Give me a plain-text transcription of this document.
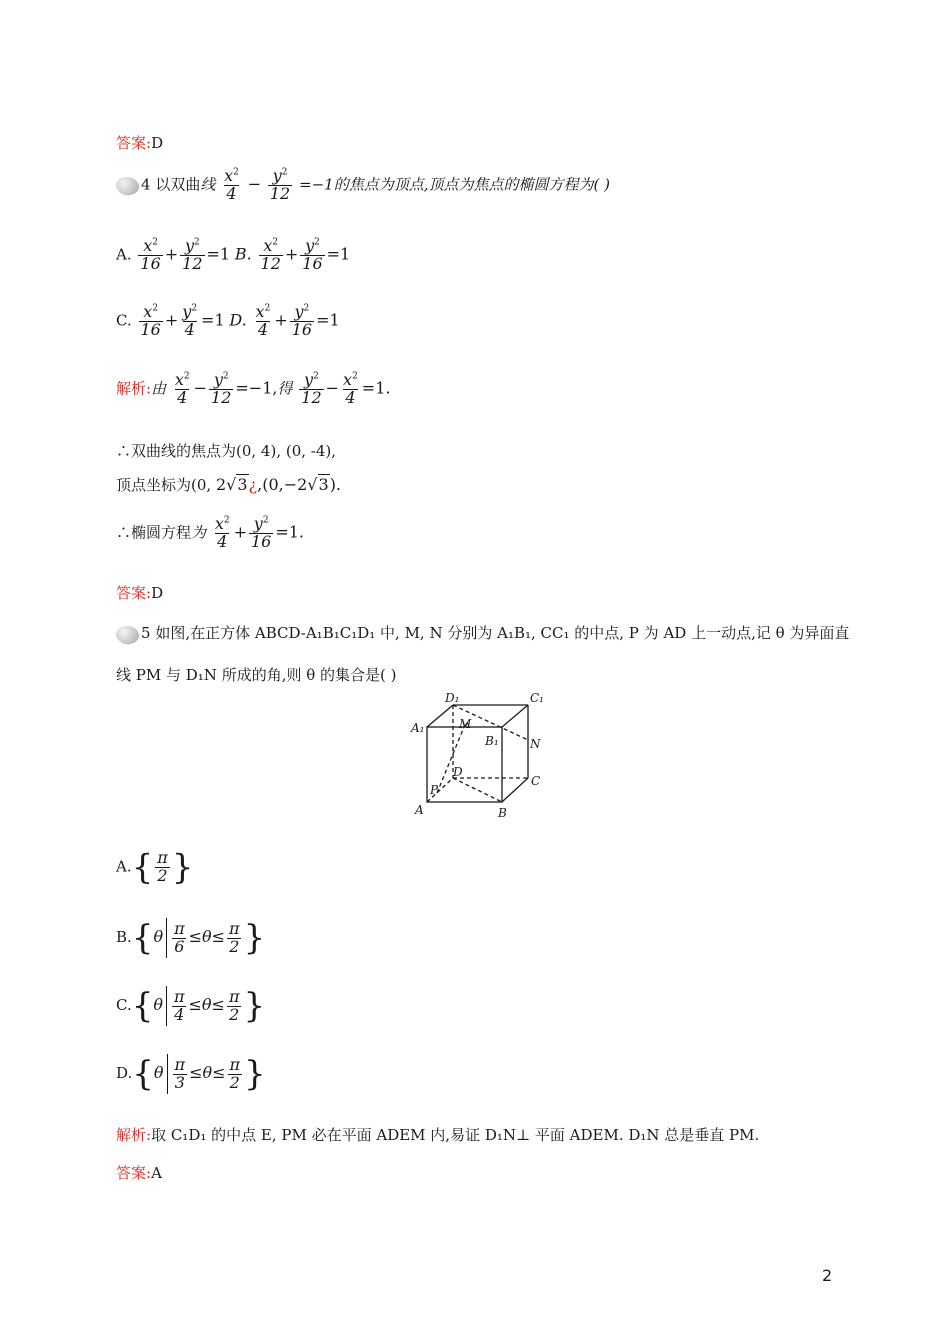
答案:D
4 以双曲线 $\frac{x^2}{4} - \frac{y^2}{12} =-1$的焦点为顶点,顶点为焦点的椭圆方程为( )
A. $\frac{x^2}{16} + \frac{y^2}{12} =1$ B. $\frac{x^2}{12} + \frac{y^2}{16} =1$
C. $\frac{x^2}{16} + \frac{y^2}{4} =1$ D. $\frac{x^2}{4} + \frac{y^2}{16} =1$
解析:由 $\frac{x^2}{4} - \frac{y^2}{12} =-1$,得 $\frac{y^2}{12} - \frac{x^2}{4} =1$.
∴双曲线的焦点为(0, 4), (0, -4),
顶点坐标为(0, 2√3¿,(0,−2√3).
∴椭圆方程为 $\frac{x^2}{4} + \frac{y^2}{16} =1$.
答案:D
5 如图,在正方体 ABCD-A₁B₁C₁D₁ 中, M, N 分别为 A₁B₁, CC₁ 的中点, P 为 AD 上一动点,记 θ 为异面直
线 PM 与 D₁N 所成的角,则 θ 的集合是( )
D₁	C₁
A₁
B₁
M
N
D
C
P
A	B
$A.\{ \frac{\pi}{2}$ }
$B.\{\theta \frac{\pi}{6} \le\theta\le \frac{\pi}{2}$ }
$C.\{\theta \frac{\pi}{4} \le\theta\le \frac{\pi}{2}$ }
$D.\{\theta \frac{\pi}{3} \le\theta\le \frac{\pi}{2}$ }
解析:取 C₁D₁ 的中点 E, PM 必在平面 ADEM 内,易证 D₁N⊥ 平面 ADEM. D₁N 总是垂直 PM.
答案:A
2
